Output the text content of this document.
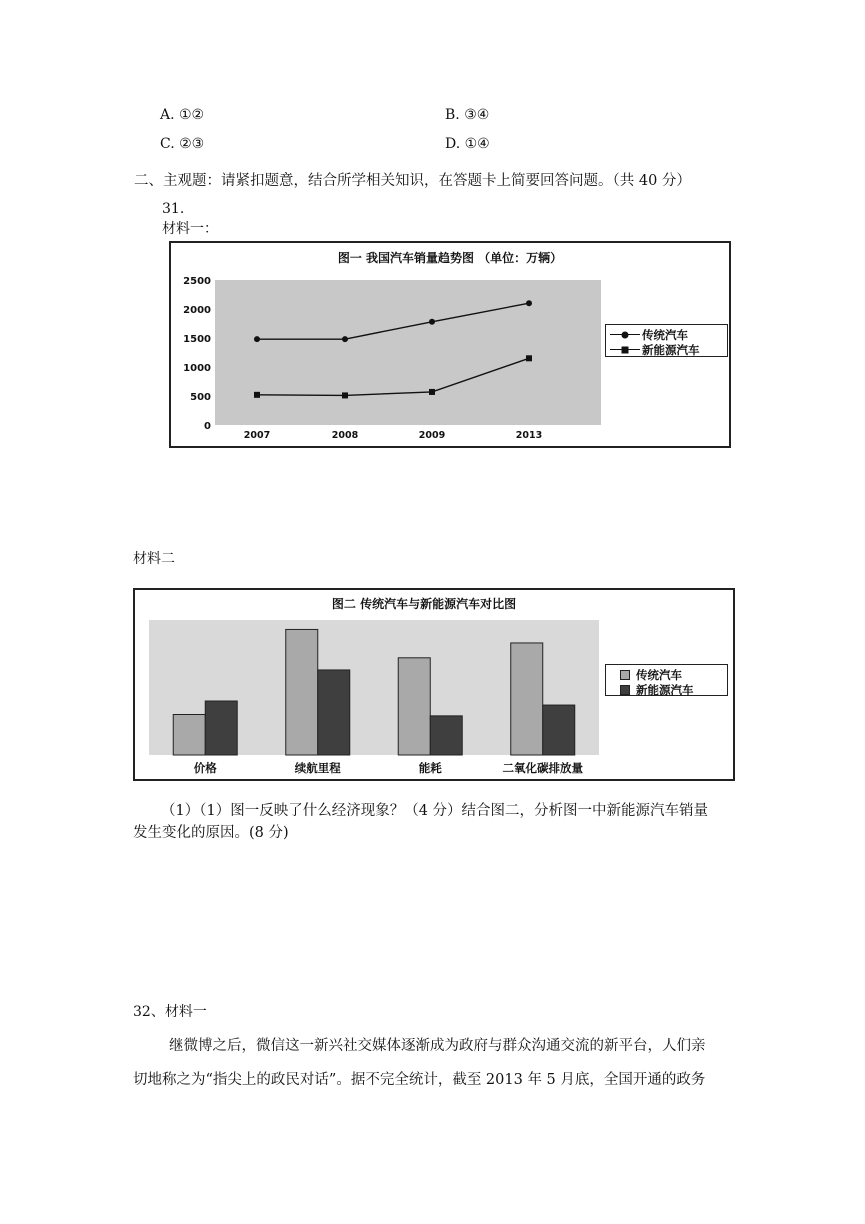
A. ①②	B. ③④
C. ②③	D. ①④
二、主观题：请紧扣题意，结合所学相关知识，在答题卡上简要回答问题。（共 40 分）
31.
材料一：
图一 我国汽车销量趋势图 （单位：万辆）
0
500
1000
1500
2000
2500
2007	2008	2009	2013
传统汽车
新能源汽车
材料二
图二 传统汽车与新能源汽车对比图
价格	续航里程	能耗	二氧化碳排放量
传统汽车
新能源汽车
（1）（1）图一反映了什么经济现象？（4 分）结合图二，分析图一中新能源汽车销量
发生变化的原因。(8 分)
32、材料一
继微博之后，微信这一新兴社交媒体逐渐成为政府与群众沟通交流的新平台，人们亲
切地称之为“指尖上的政民对话”。据不完全统计，截至 2013 年 5 月底，全国开通的政务
